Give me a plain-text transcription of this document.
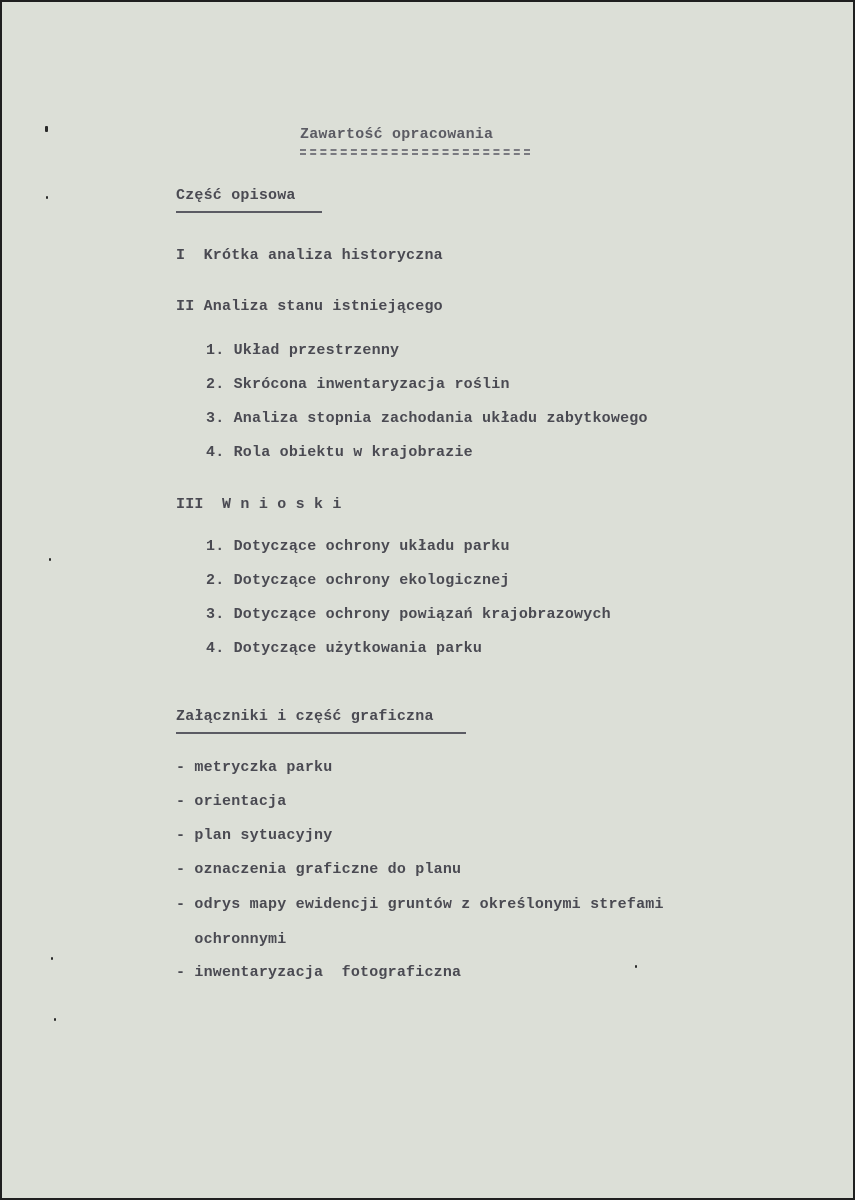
Zawartość opracowania
Część opisowa
I  Krótka analiza historyczna
II Analiza stanu istniejącego
1. Układ przestrzenny
2. Skrócona inwentaryzacja roślin
3. Analiza stopnia zachodania układu zabytkowego
4. Rola obiektu w krajobrazie
III  W n i o s k i
1. Dotyczące ochrony układu parku
2. Dotyczące ochrony ekologicznej
3. Dotyczące ochrony powiązań krajobrazowych
4. Dotyczące użytkowania parku
Załączniki i część graficzna
- metryczka parku
- orientacja
- plan sytuacyjny
- oznaczenia graficzne do planu
- odrys mapy ewidencji gruntów z określonymi strefami
ochronnymi
- inwentaryzacja  fotograficzna
